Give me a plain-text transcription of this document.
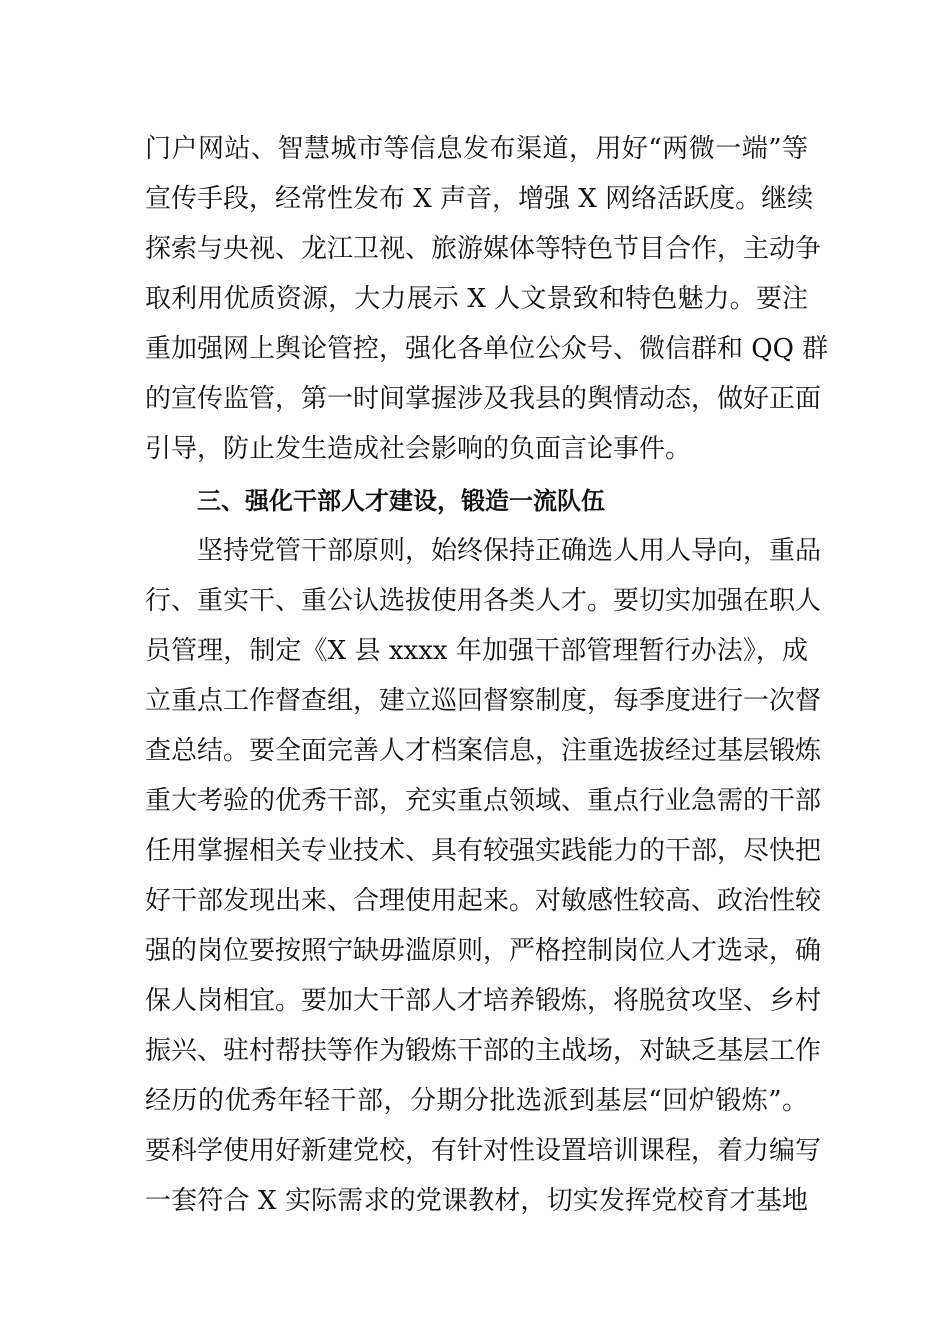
门户网站、智慧城市等信息发布渠道，用好“两微一端”等
宣传手段，经常性发布 X 声音，增强 X 网络活跃度。继续
探索与央视、龙江卫视、旅游媒体等特色节目合作，主动争
取利用优质资源，大力展示 X 人文景致和特色魅力。要注
重加强网上舆论管控，强化各单位公众号、微信群和 QQ 群
的宣传监管，第一时间掌握涉及我县的舆情动态，做好正面
引导，防止发生造成社会影响的负面言论事件。
三、强化干部人才建设，锻造一流队伍
坚持党管干部原则，始终保持正确选人用人导向，重品
行、重实干、重公认选拔使用各类人才。要切实加强在职人
员管理，制定《X 县 xxxx 年加强干部管理暂行办法》，成
立重点工作督查组，建立巡回督察制度，每季度进行一次督
查总结。要全面完善人才档案信息，注重选拔经过基层锻炼
重大考验的优秀干部，充实重点领域、重点行业急需的干部
任用掌握相关专业技术、具有较强实践能力的干部，尽快把
好干部发现出来、合理使用起来。对敏感性较高、政治性较
强的岗位要按照宁缺毋滥原则，严格控制岗位人才选录，确
保人岗相宜。要加大干部人才培养锻炼，将脱贫攻坚、乡村
振兴、驻村帮扶等作为锻炼干部的主战场，对缺乏基层工作
经历的优秀年轻干部，分期分批选派到基层“回炉锻炼”。
要科学使用好新建党校，有针对性设置培训课程，着力编写
一套符合 X 实际需求的党课教材，切实发挥党校育才基地
